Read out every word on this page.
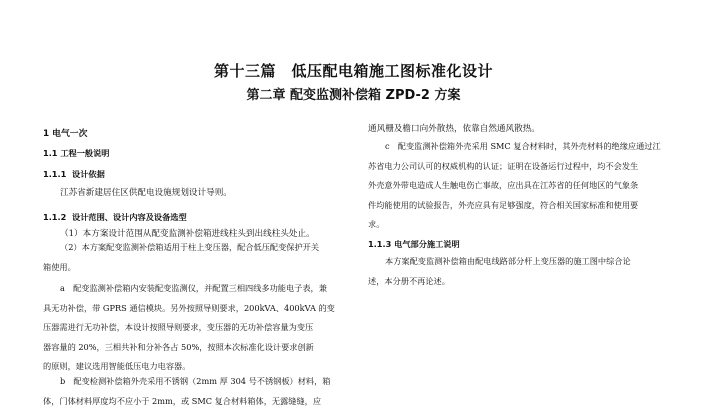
第十三篇　低压配电箱施工图标准化设计
第二章 配变监测补偿箱 ZPD-2 方案
1 电气一次
1.1 工程一般说明
1.1.1 设计依据
江苏省新建居住区供配电设施规划设计导则。
1.1.2 设计范围、设计内容及设备选型
（1）本方案设计范围从配变监测补偿箱进线柱头到出线柱头处止。
（2）本方案配变监测补偿箱适用于柱上变压器，配合低压配变保护开关
箱使用。
a　配变监测补偿箱内安装配变监测仪，并配置三相四线多功能电子表，兼
具无功补偿，带 GPRS 通信模块。另外按照导则要求，200kVA、400kVA 的变
压器需进行无功补偿，本设计按照导则要求，变压器的无功补偿容量为变压
器容量的 20%，三相共补和分补各占 50%，按照本次标准化设计要求创新
的原则，建议选用智能低压电力电容器。
b　配变检测补偿箱外壳采用不锈钢（2mm 厚 304 号不锈钢板）材料，箱
体，门体材料厚度均不应小于 2mm，或 SMC 复合材料箱体，无露缝缝，应
通风栅及檐口向外散热，依靠自然通风散热。
c　配变监测补偿箱外壳采用 SMC 复合材料时，其外壳材料的绝缘应通过江
苏省电力公司认可的权威机构的认证；证明在设备运行过程中，均不会发生
外壳意外带电造成人生触电伤亡事故，应出具在江苏省的任何地区的气象条
件均能使用的试验报告，外壳应具有足够强度，符合相关国家标准和使用要
求。
1.1.3 电气部分施工说明
本方案配变监测补偿箱由配电线路部分杆上变压器的施工图中综合论
述，本分册不再论述。
